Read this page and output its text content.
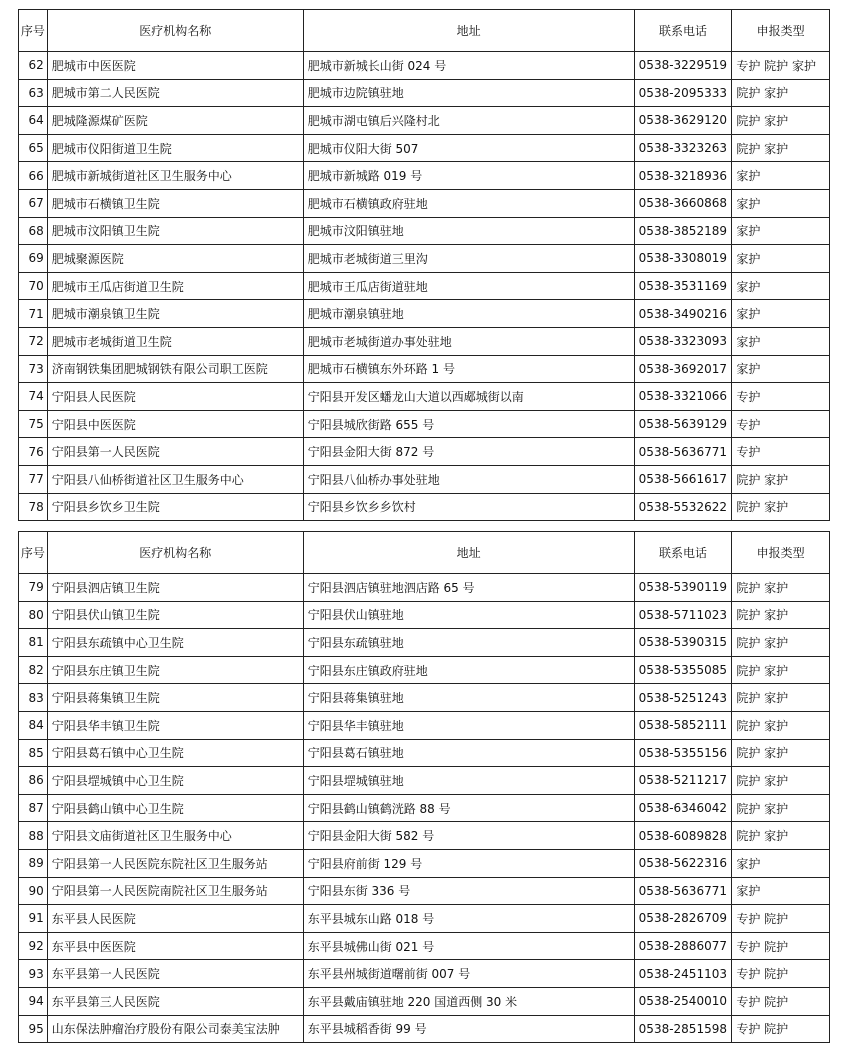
序号	医疗机构名称	地址	联系电话	申报类型
62	肥城市中医医院	肥城市新城长山街 024 号	0538-3229519	专护 院护 家护
63	肥城市第二人民医院	肥城市边院镇驻地	0538-2095333	院护 家护
64	肥城隆源煤矿医院	肥城市湖屯镇后兴隆村北	0538-3629120	院护 家护
65	肥城市仪阳街道卫生院	肥城市仪阳大街 507	0538-3323263	院护 家护
66	肥城市新城街道社区卫生服务中心	肥城市新城路 019 号	0538-3218936	家护
67	肥城市石横镇卫生院	肥城市石横镇政府驻地	0538-3660868	家护
68	肥城市汶阳镇卫生院	肥城市汶阳镇驻地	0538-3852189	家护
69	肥城聚源医院	肥城市老城街道三里沟	0538-3308019	家护
70	肥城市王瓜店街道卫生院	肥城市王瓜店街道驻地	0538-3531169	家护
71	肥城市潮泉镇卫生院	肥城市潮泉镇驻地	0538-3490216	家护
72	肥城市老城街道卫生院	肥城市老城街道办事处驻地	0538-3323093	家护
73	济南钢铁集团肥城钢铁有限公司职工医院	肥城市石横镇东外环路 1 号	0538-3692017	家护
74	宁阳县人民医院	宁阳县开发区蟠龙山大道以西郕城街以南	0538-3321066	专护
75	宁阳县中医医院	宁阳县城欣街路 655 号	0538-5639129	专护
76	宁阳县第一人民医院	宁阳县金阳大街 872 号	0538-5636771	专护
77	宁阳县八仙桥街道社区卫生服务中心	宁阳县八仙桥办事处驻地	0538-5661617	院护 家护
78	宁阳县乡饮乡卫生院	宁阳县乡饮乡乡饮村	0538-5532622	院护 家护
序号	医疗机构名称	地址	联系电话	申报类型
79	宁阳县泗店镇卫生院	宁阳县泗店镇驻地泗店路 65 号	0538-5390119	院护 家护
80	宁阳县伏山镇卫生院	宁阳县伏山镇驻地	0538-5711023	院护 家护
81	宁阳县东疏镇中心卫生院	宁阳县东疏镇驻地	0538-5390315	院护 家护
82	宁阳县东庄镇卫生院	宁阳县东庄镇政府驻地	0538-5355085	院护 家护
83	宁阳县蒋集镇卫生院	宁阳县蒋集镇驻地	0538-5251243	院护 家护
84	宁阳县华丰镇卫生院	宁阳县华丰镇驻地	0538-5852111	院护 家护
85	宁阳县葛石镇中心卫生院	宁阳县葛石镇驻地	0538-5355156	院护 家护
86	宁阳县堽城镇中心卫生院	宁阳县堽城镇驻地	0538-5211217	院护 家护
87	宁阳县鹤山镇中心卫生院	宁阳县鹤山镇鹤洸路 88 号	0538-6346042	院护 家护
88	宁阳县文庙街道社区卫生服务中心	宁阳县金阳大街 582 号	0538-6089828	院护 家护
89	宁阳县第一人民医院东院社区卫生服务站	宁阳县府前街 129 号	0538-5622316	家护
90	宁阳县第一人民医院南院社区卫生服务站	宁阳县东街 336 号	0538-5636771	家护
91	东平县人民医院	东平县城东山路 018 号	0538-2826709	专护 院护
92	东平县中医医院	东平县城佛山街 021 号	0538-2886077	专护 院护
93	东平县第一人民医院	东平县州城街道曙前街 007 号	0538-2451103	专护 院护
94	东平县第三人民医院	东平县戴庙镇驻地 220 国道西侧 30 米	0538-2540010	专护 院护
95	山东保法肿瘤治疗股份有限公司泰美宝法肿	东平县城稻香街 99 号	0538-2851598	专护 院护
